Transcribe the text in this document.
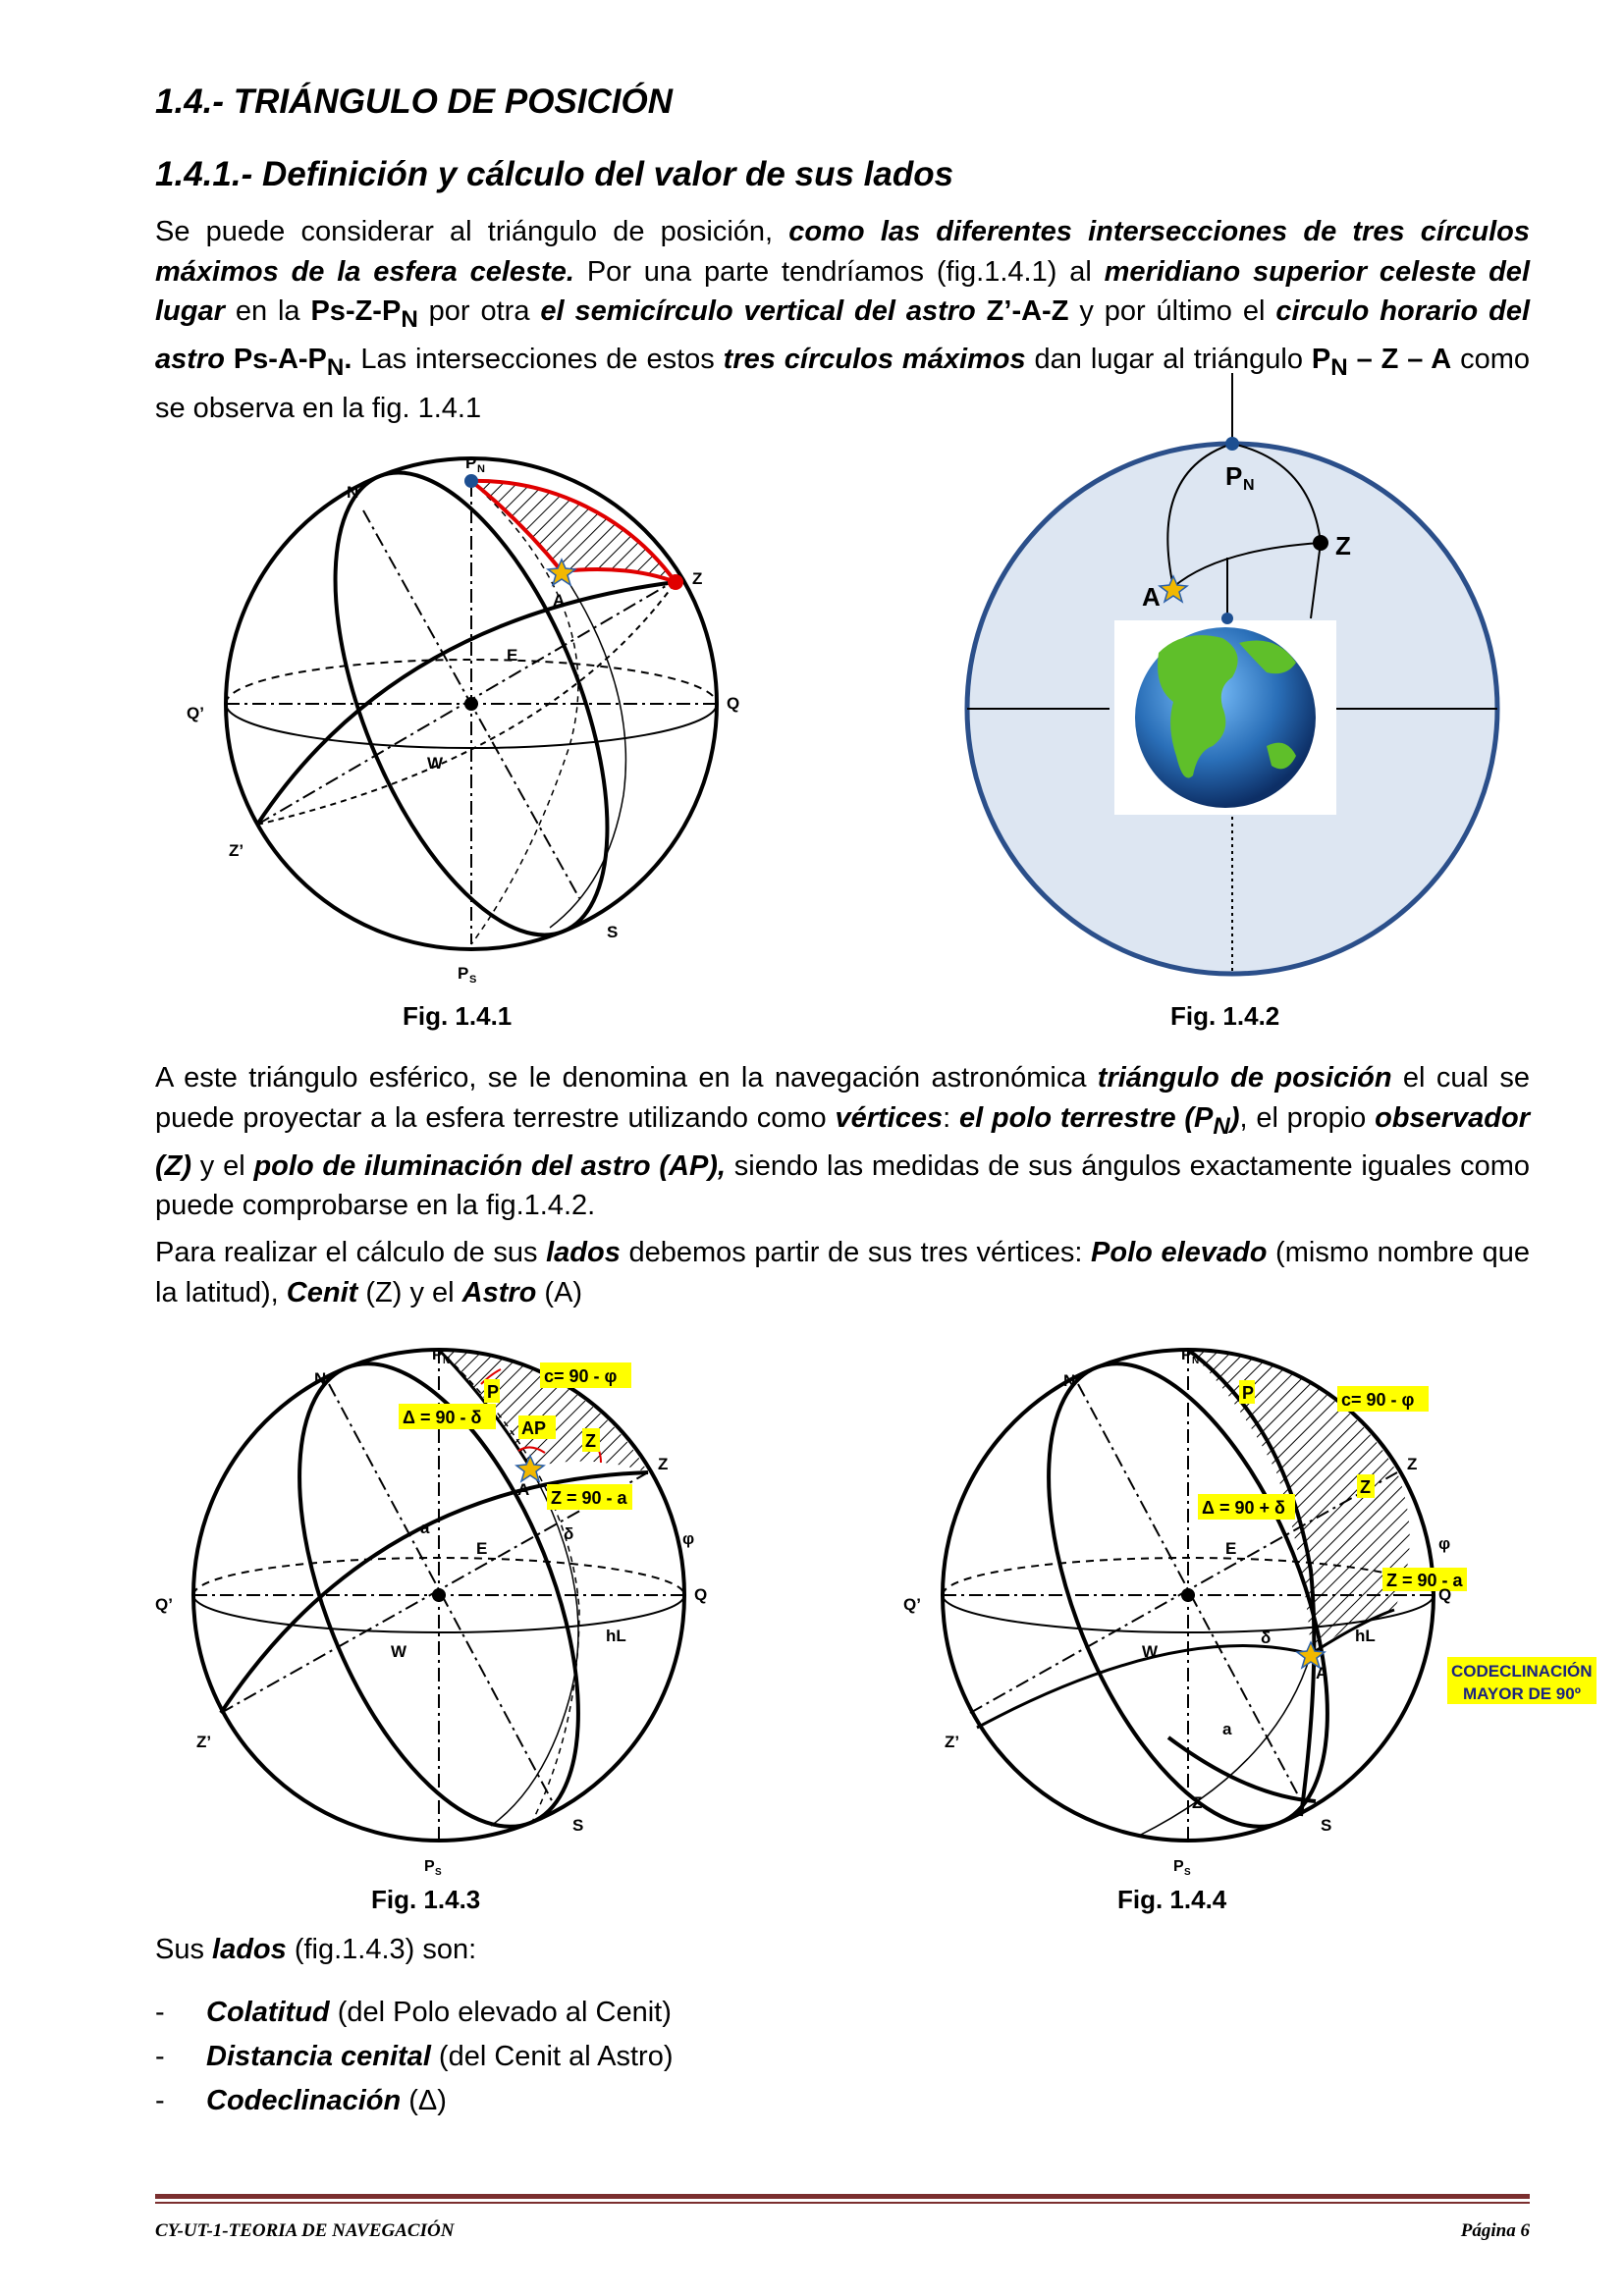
1.4.- TRIÁNGULO DE POSICIÓN
1.4.1.- Definición y cálculo del valor de sus lados

Se puede considerar al triángulo de posición, como las diferentes intersecciones de tres círculos máximos de la esfera celeste. Por una parte tendríamos (fig.1.4.1) al meridiano superior celeste del lugar en la $Ps-Z-P_N$ por otra el semicírculo vertical del astro Z’-A-Z y por último el circulo horario del astro $Ps-A-P_N$. Las intersecciones de estos tres círculos máximos dan lugar al triángulo $P_N$ – Z – A como se observa en la fig. 1.4.1

P N
N
Z
A
E
Q’
Q
W
Z’
S
P S
Fig. 1.4.1
P N
Z
A
Fig. 1.4.2

A este triángulo esférico, se le denomina en la navegación astronómica triángulo de posición el cual se puede proyectar a la esfera terrestre utilizando como vértices: el polo terrestre $(P_N)$, el propio observador (Z) y el polo de iluminación del astro (AP), siendo las medidas de sus ángulos exactamente iguales como puede comprobarse en la fig.1.4.2.

Para realizar el cálculo de sus lados debemos partir de sus tres vértices: Polo elevado (mismo nombre que la latitud), Cenit (Z) y el Astro (A)

c= 90 - φ
Δ = 90 - δ
P
AP
Z
Z = 90 - a
P N
N
Z
A
a
E
δ	φ
Q’
Q
hL
W
Z’
S
P S
Fig. 1.4.3
c= 90 - φ
P
Z
Δ = 90 + δ
Z = 90 - a
CODECLINACIÓN
MAYOR DE 90º
P N
N
Z
A
E	φ
Q’
Q
hL
δ
W
a
Z’
Z
S
P S
Fig. 1.4.4

Sus lados (fig.1.4.3) son:

- Colatitud (del Polo elevado al Cenit)
- Distancia cenital (del Cenit al Astro)
- Codeclinación (Δ)
CY-UT-1-TEORIA DE NAVEGACIÓN	Página 6
